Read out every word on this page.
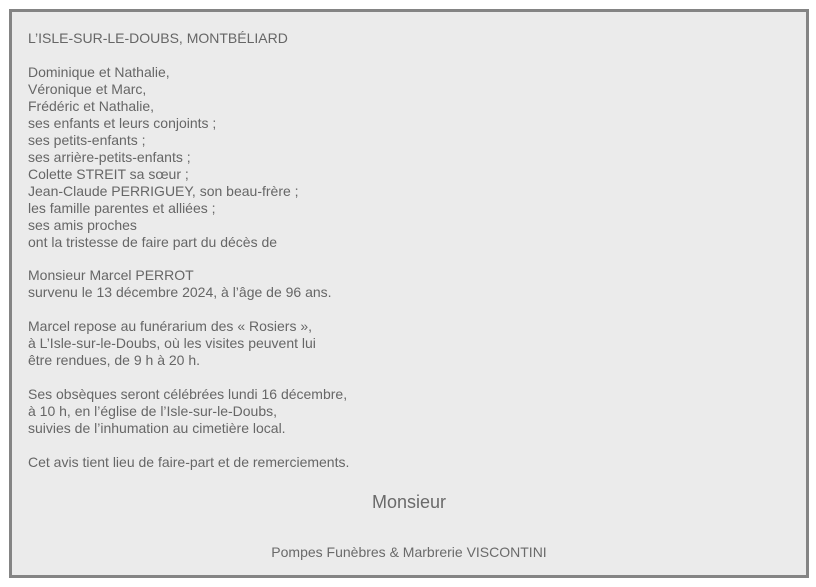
L’ISLE-SUR-LE-DOUBS, MONTBÉLIARD
Dominique et Nathalie,
Véronique et Marc,
Frédéric et Nathalie,
ses enfants et leurs conjoints ;
ses petits-enfants ;
ses arrière-petits-enfants ;
Colette STREIT sa sœur ;
Jean-Claude PERRIGUEY, son beau-frère ;
les famille parentes et alliées ;
ses amis proches
ont la tristesse de faire part du décès de
Monsieur Marcel PERROT
survenu le 13 décembre 2024, à l’âge de 96 ans.
Marcel repose au funérarium des « Rosiers »,
à L’Isle-sur-le-Doubs, où les visites peuvent lui
être rendues, de 9 h à 20 h.
Ses obsèques seront célébrées lundi 16 décembre,
à 10 h, en l’église de l’Isle-sur-le-Doubs,
suivies de l’inhumation au cimetière local.
Cet avis tient lieu de faire-part et de remerciements.
Monsieur
Pompes Funèbres & Marbrerie VISCONTINI
